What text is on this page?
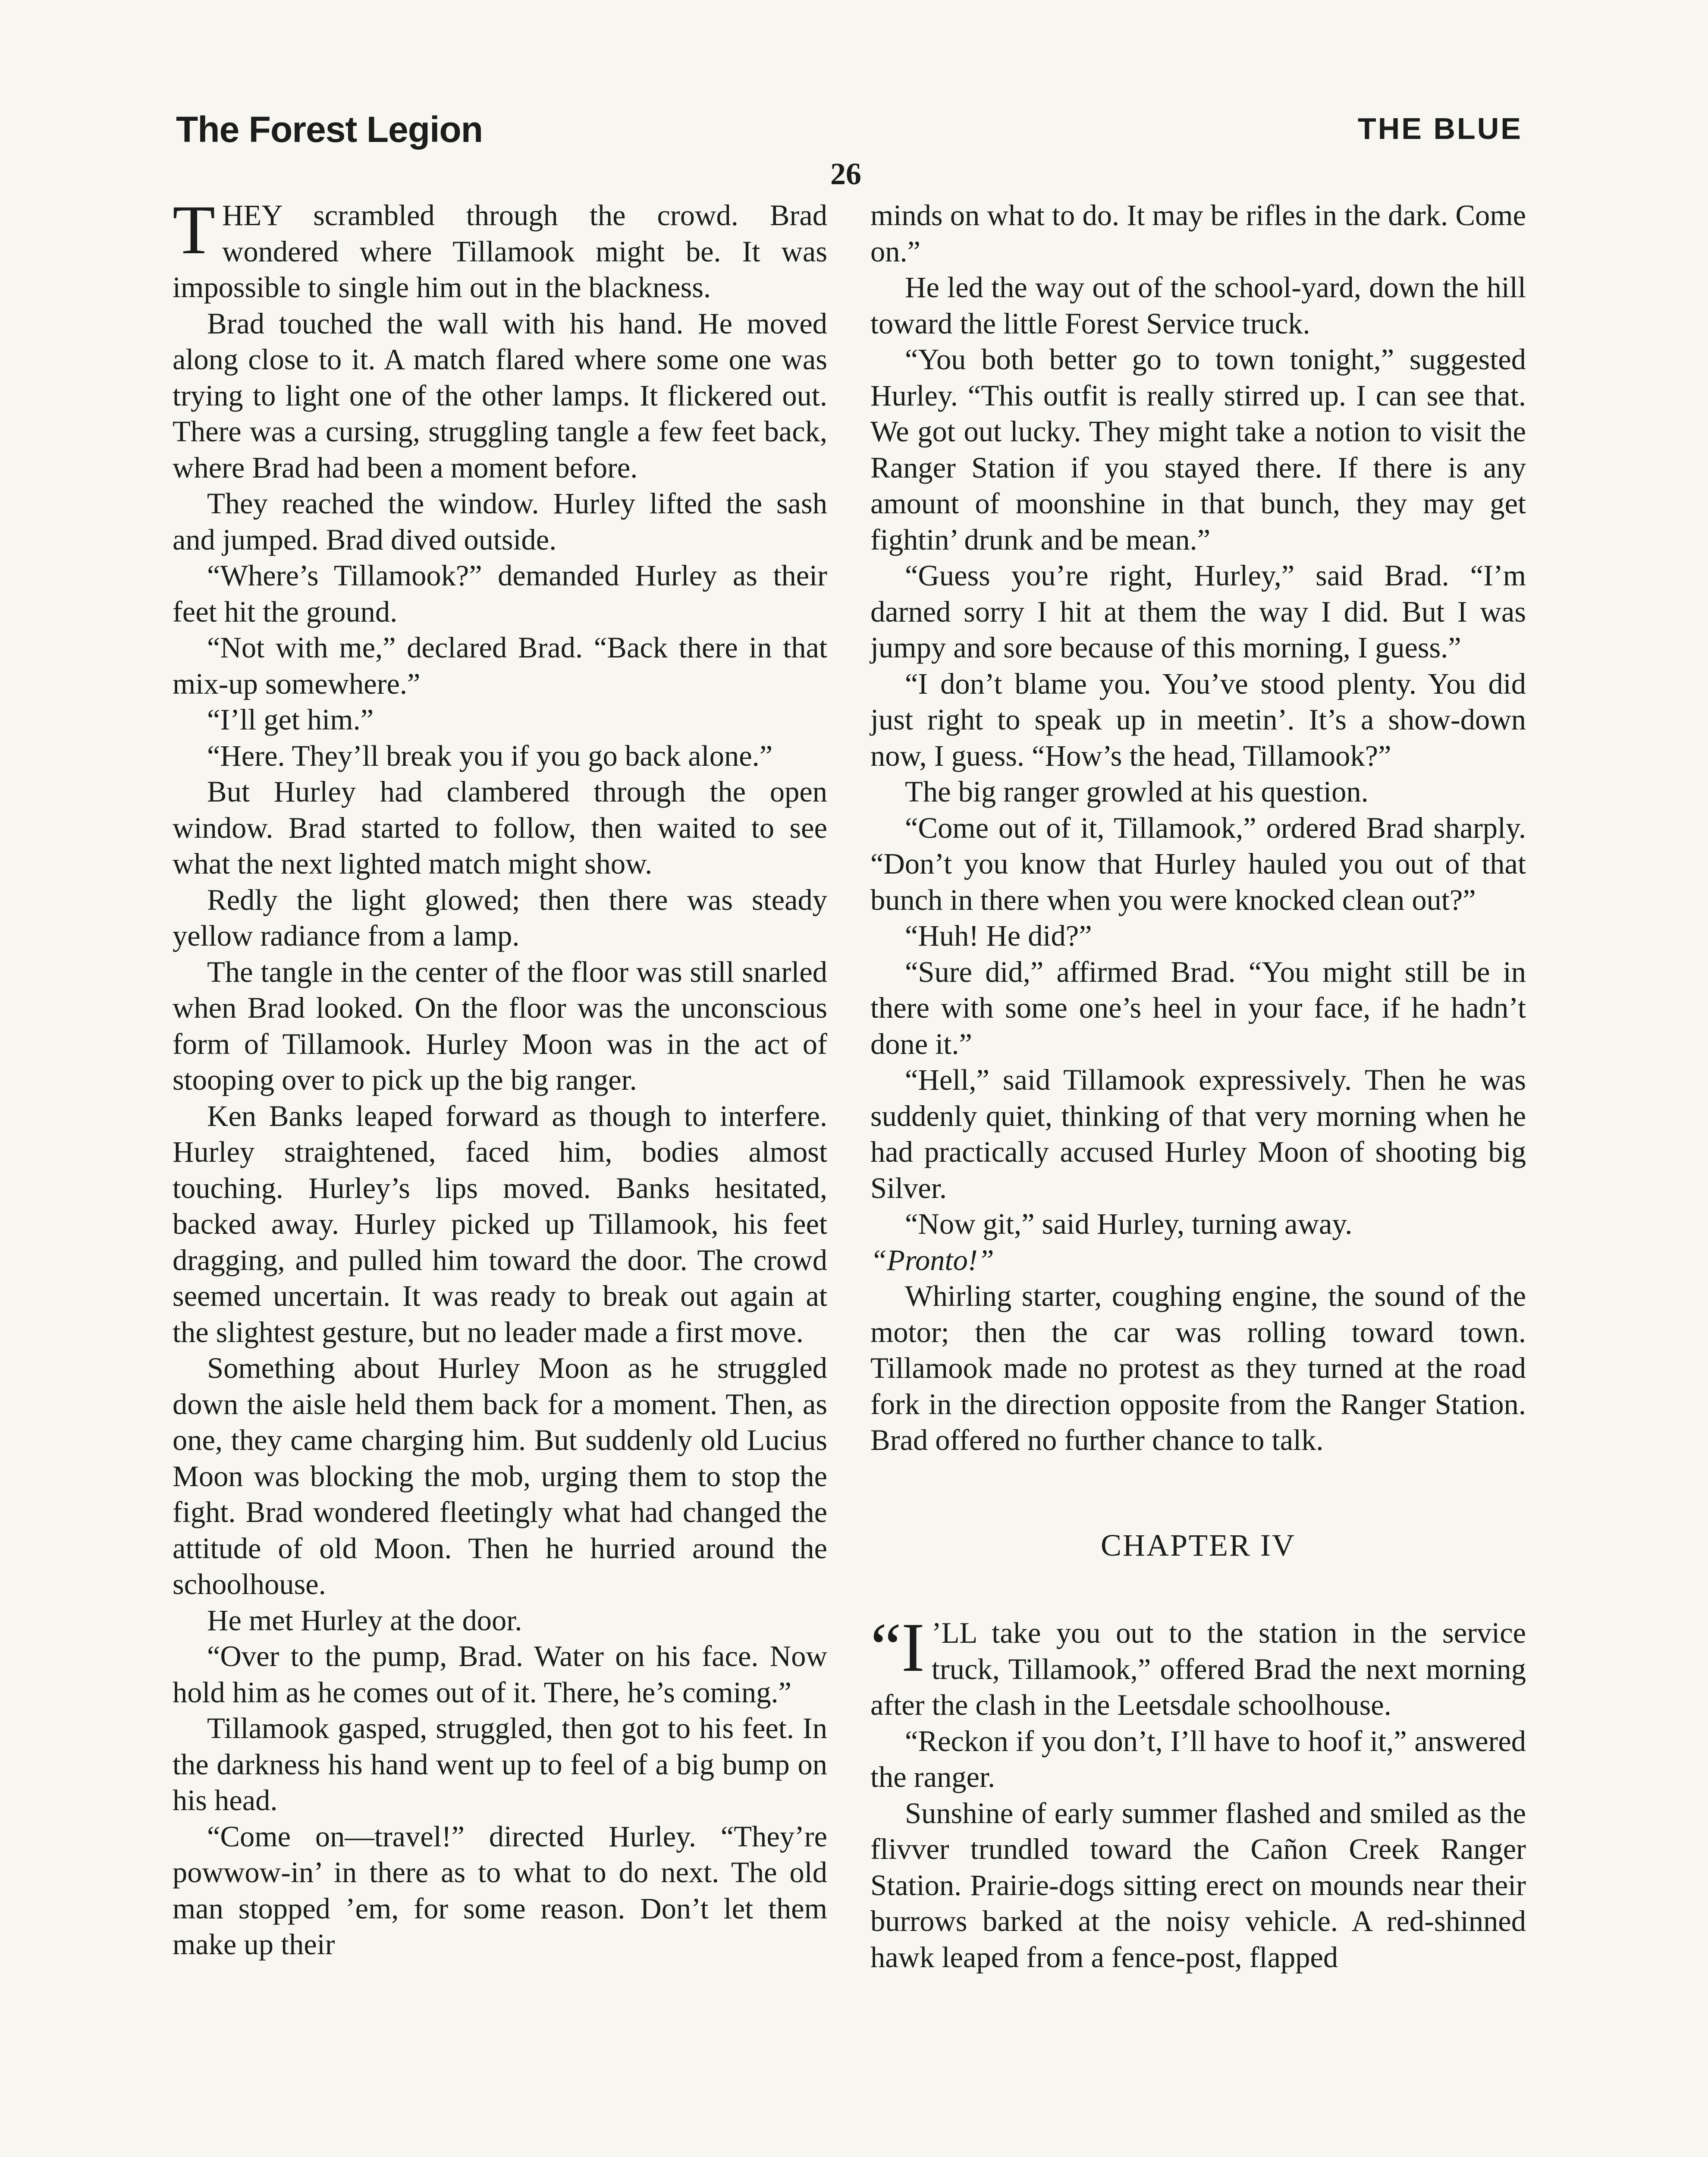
The Forest Legion	THE BLUE
26

THEY scrambled through the crowd. Brad wondered where Tillamook might be. It was impossible to single him out in the blackness.

Brad touched the wall with his hand. He moved along close to it. A match flared where some one was trying to light one of the other lamps. It flickered out. There was a cursing, struggling tangle a few feet back, where Brad had been a moment before.

They reached the window. Hurley lifted the sash and jumped. Brad dived outside.

“Where’s Tillamook?” demanded Hurley as their feet hit the ground.

“Not with me,” declared Brad. “Back there in that mix-up somewhere.”

“I’ll get him.”

“Here. They’ll break you if you go back alone.”

But Hurley had clambered through the open window. Brad started to follow, then waited to see what the next lighted match might show.

Redly the light glowed; then there was steady yellow radiance from a lamp.

The tangle in the center of the floor was still snarled when Brad looked. On the floor was the unconscious form of Tillamook. Hurley Moon was in the act of stooping over to pick up the big ranger.

Ken Banks leaped forward as though to interfere. Hurley straightened, faced him, bodies almost touching. Hurley’s lips moved. Banks hesitated, backed away. Hurley picked up Tillamook, his feet dragging, and pulled him toward the door. The crowd seemed uncertain. It was ready to break out again at the slightest gesture, but no leader made a first move.

Something about Hurley Moon as he struggled down the aisle held them back for a moment. Then, as one, they came charging him. But suddenly old Lucius Moon was blocking the mob, urging them to stop the fight. Brad wondered fleetingly what had changed the attitude of old Moon. Then he hurried around the schoolhouse.

He met Hurley at the door.

“Over to the pump, Brad. Water on his face. Now hold him as he comes out of it. There, he’s coming.”

Tillamook gasped, struggled, then got to his feet. In the darkness his hand went up to feel of a big bump on his head.

“Come on—travel!” directed Hurley. “They’re powwow-in’ in there as to what to do next. The old man stopped ’em, for some reason. Don’t let them make up their

minds on what to do. It may be rifles in the dark. Come on.”

He led the way out of the school-yard, down the hill toward the little Forest Service truck.

“You both better go to town tonight,” suggested Hurley. “This outfit is really stirred up. I can see that. We got out lucky. They might take a notion to visit the Ranger Station if you stayed there. If there is any amount of moonshine in that bunch, they may get fightin’ drunk and be mean.”

“Guess you’re right, Hurley,” said Brad. “I’m darned sorry I hit at them the way I did. But I was jumpy and sore because of this morning, I guess.”

“I don’t blame you. You’ve stood plenty. You did just right to speak up in meetin’. It’s a show-down now, I guess. “How’s the head, Tillamook?”

The big ranger growled at his question.

“Come out of it, Tillamook,” ordered Brad sharply. “Don’t you know that Hurley hauled you out of that bunch in there when you were knocked clean out?”

“Huh! He did?”

“Sure did,” affirmed Brad. “You might still be in there with some one’s heel in your face, if he hadn’t done it.”

“Hell,” said Tillamook expressively. Then he was suddenly quiet, thinking of that very morning when he had practically accused Hurley Moon of shooting big Silver.

“Now git,” said Hurley, turning away.

“Pronto!”

Whirling starter, coughing engine, the sound of the motor; then the car was rolling toward town. Tillamook made no protest as they turned at the road fork in the direction opposite from the Ranger Station. Brad offered no further chance to talk.

CHAPTER IV

“I ’LL take you out to the station in the service truck, Tillamook,” offered Brad the next morning after the clash in the Leetsdale schoolhouse.

“Reckon if you don’t, I’ll have to hoof it,” answered the ranger.

Sunshine of early summer flashed and smiled as the flivver trundled toward the Cañon Creek Ranger Station. Prairie-dogs sitting erect on mounds near their burrows barked at the noisy vehicle. A red-shinned hawk leaped from a fence-post, flapped
